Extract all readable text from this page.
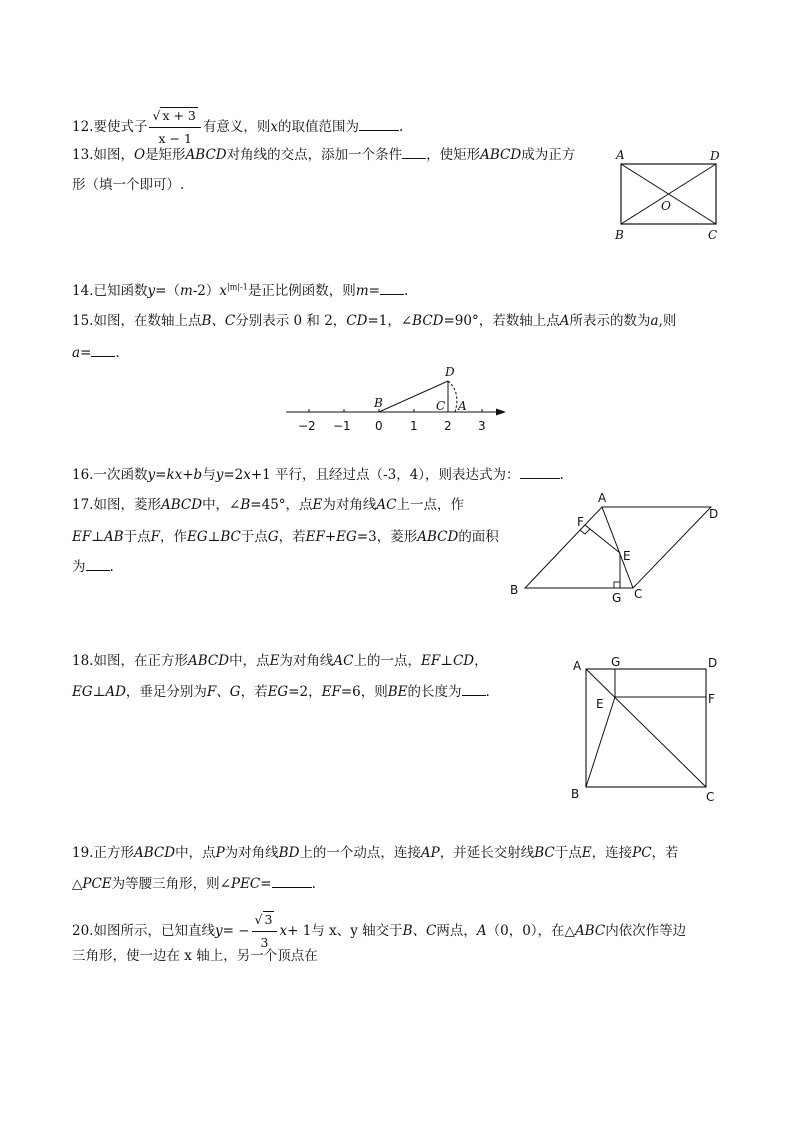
12.要使式子 $\frac{√ x + 3}{x - 1}$ 有意义，则x的取值范围为	.
13.如图，O是矩形ABCD对角线的交点，添加一个条件 ，使矩形ABCD成为正方
形（填一个即可）.
A	D
B	C
O
14.已知函数$y=(m-2)x^{|m|-1}$是正比例函数，则m= .
15.如图，在数轴上点B、C分别表示 0 和 2，CD=1，∠BCD=90°，若数轴上点A所表示的数为a,则
a= .
−2 −1 0 1 2 3
D
B	C A
16.一次函数y=kx+b与y=2x+1 平行，且经过点（-3，4），则表达式为：	.
17.如图，菱形ABCD中，∠B=45°，点E为对角线AC上一点，作
EF⊥AB于点F，作EG⊥BC于点G，若EF+EG=3，菱形ABCD的面积
为 .
A
D
F
E
B
G C
18.如图，在正方形ABCD中，点E为对角线AC上的一点，EF⊥CD，
EG⊥AD，垂足分别为F、G，若EG=2，EF=6，则BE的长度为 .
A G	D
E	F
B	C
19.正方形ABCD中，点P为对角线BD上的一个动点，连接AP，并延长交射线BC于点E，连接PC，若
△PCE为等腰三角形，则∠PEC=	.
20.如图所示，已知直线$y= - \frac{√ 3}{3} x+ 1$与 x、y 轴交于B、C两点，A（0，0），在△ABC内依次作等边
三角形，使一边在 x 轴上，另一个顶点在
